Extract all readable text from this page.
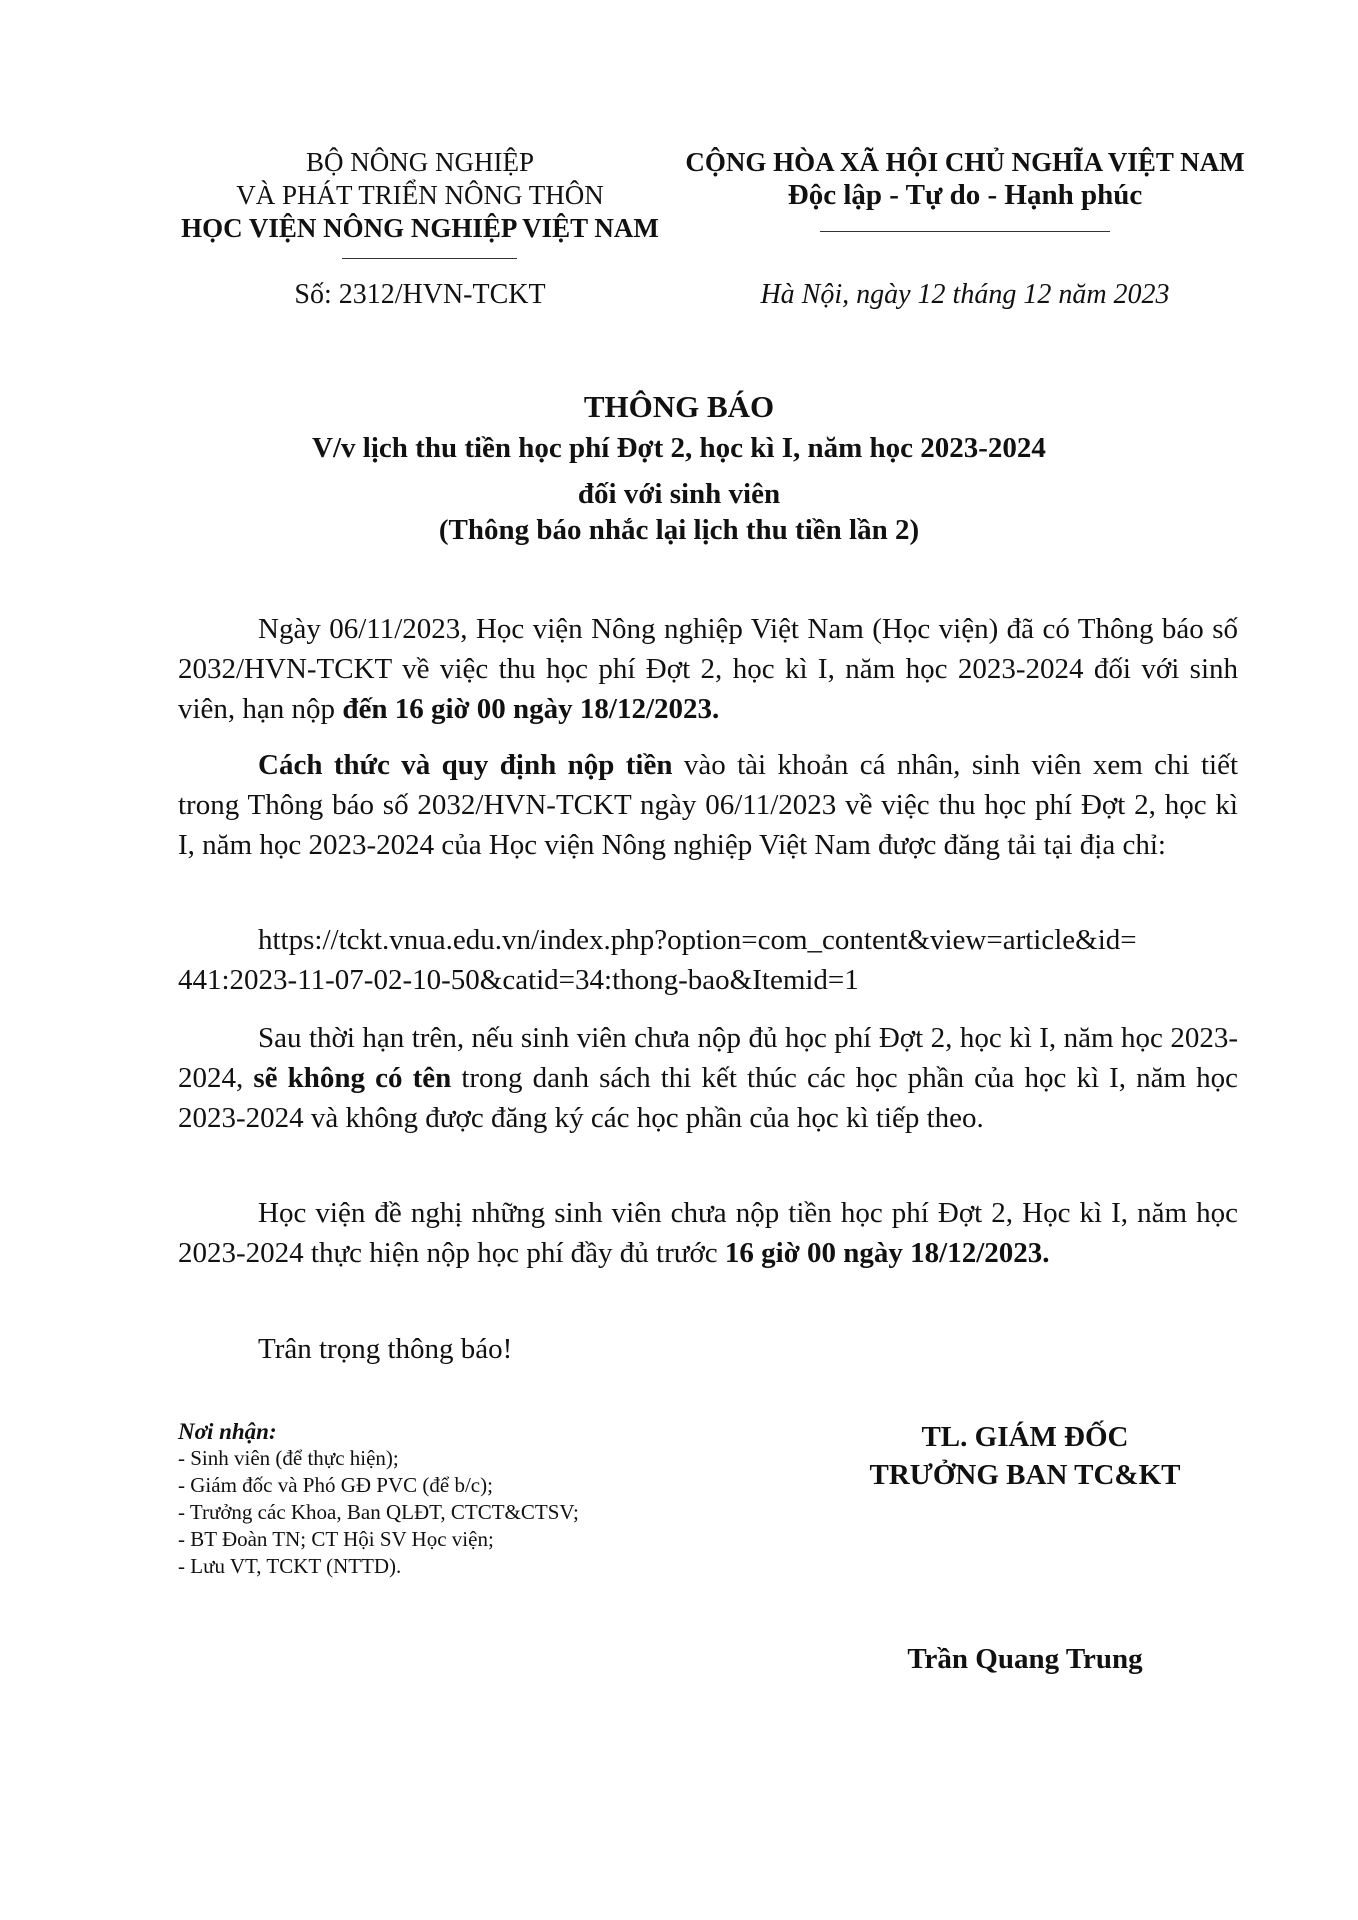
BỘ NÔNG NGHIỆP
VÀ PHÁT TRIỂN NÔNG THÔN
HỌC VIỆN NÔNG NGHIỆP VIỆT NAM
Số: 2312/HVN-TCKT
CỘNG HÒA XÃ HỘI CHỦ NGHĨA VIỆT NAM
Độc lập - Tự do - Hạnh phúc
Hà Nội, ngày 12 tháng 12 năm 2023
THÔNG BÁO
V/v lịch thu tiền học phí Đợt 2, học kì I, năm học 2023-2024
đối với sinh viên
(Thông báo nhắc lại lịch thu tiền lần 2)
Ngày 06/11/2023, Học viện Nông nghiệp Việt Nam (Học viện) đã có Thông báo số 2032/HVN-TCKT về việc thu học phí Đợt 2, học kì I, năm học 2023-2024 đối với sinh viên, hạn nộp đến 16 giờ 00 ngày 18/12/2023.
Cách thức và quy định nộp tiền vào tài khoản cá nhân, sinh viên xem chi tiết trong Thông báo số 2032/HVN-TCKT ngày 06/11/2023 về việc thu học phí Đợt 2, học kì I, năm học 2023-2024 của Học viện Nông nghiệp Việt Nam được đăng tải tại địa chỉ:
https://tckt.vnua.edu.vn/index.php?option=com_content&view=article&id=
441:2023-11-07-02-10-50&catid=34:thong-bao&Itemid=1
Sau thời hạn trên, nếu sinh viên chưa nộp đủ học phí Đợt 2, học kì I, năm học 2023-2024, sẽ không có tên trong danh sách thi kết thúc các học phần của học kì I, năm học 2023-2024 và không được đăng ký các học phần của học kì tiếp theo.
Học viện đề nghị những sinh viên chưa nộp tiền học phí Đợt 2, Học kì I, năm học 2023-2024 thực hiện nộp học phí đầy đủ trước 16 giờ 00 ngày 18/12/2023.
Trân trọng thông báo!
Nơi nhận:
- Sinh viên (để thực hiện);
- Giám đốc và Phó GĐ PVC (để b/c);
- Trưởng các Khoa, Ban QLĐT, CTCT&CTSV;
- BT Đoàn TN; CT Hội SV Học viện;
- Lưu VT, TCKT (NTTD).
TL. GIÁM ĐỐC
TRƯỞNG BAN TC&KT
Trần Quang Trung
